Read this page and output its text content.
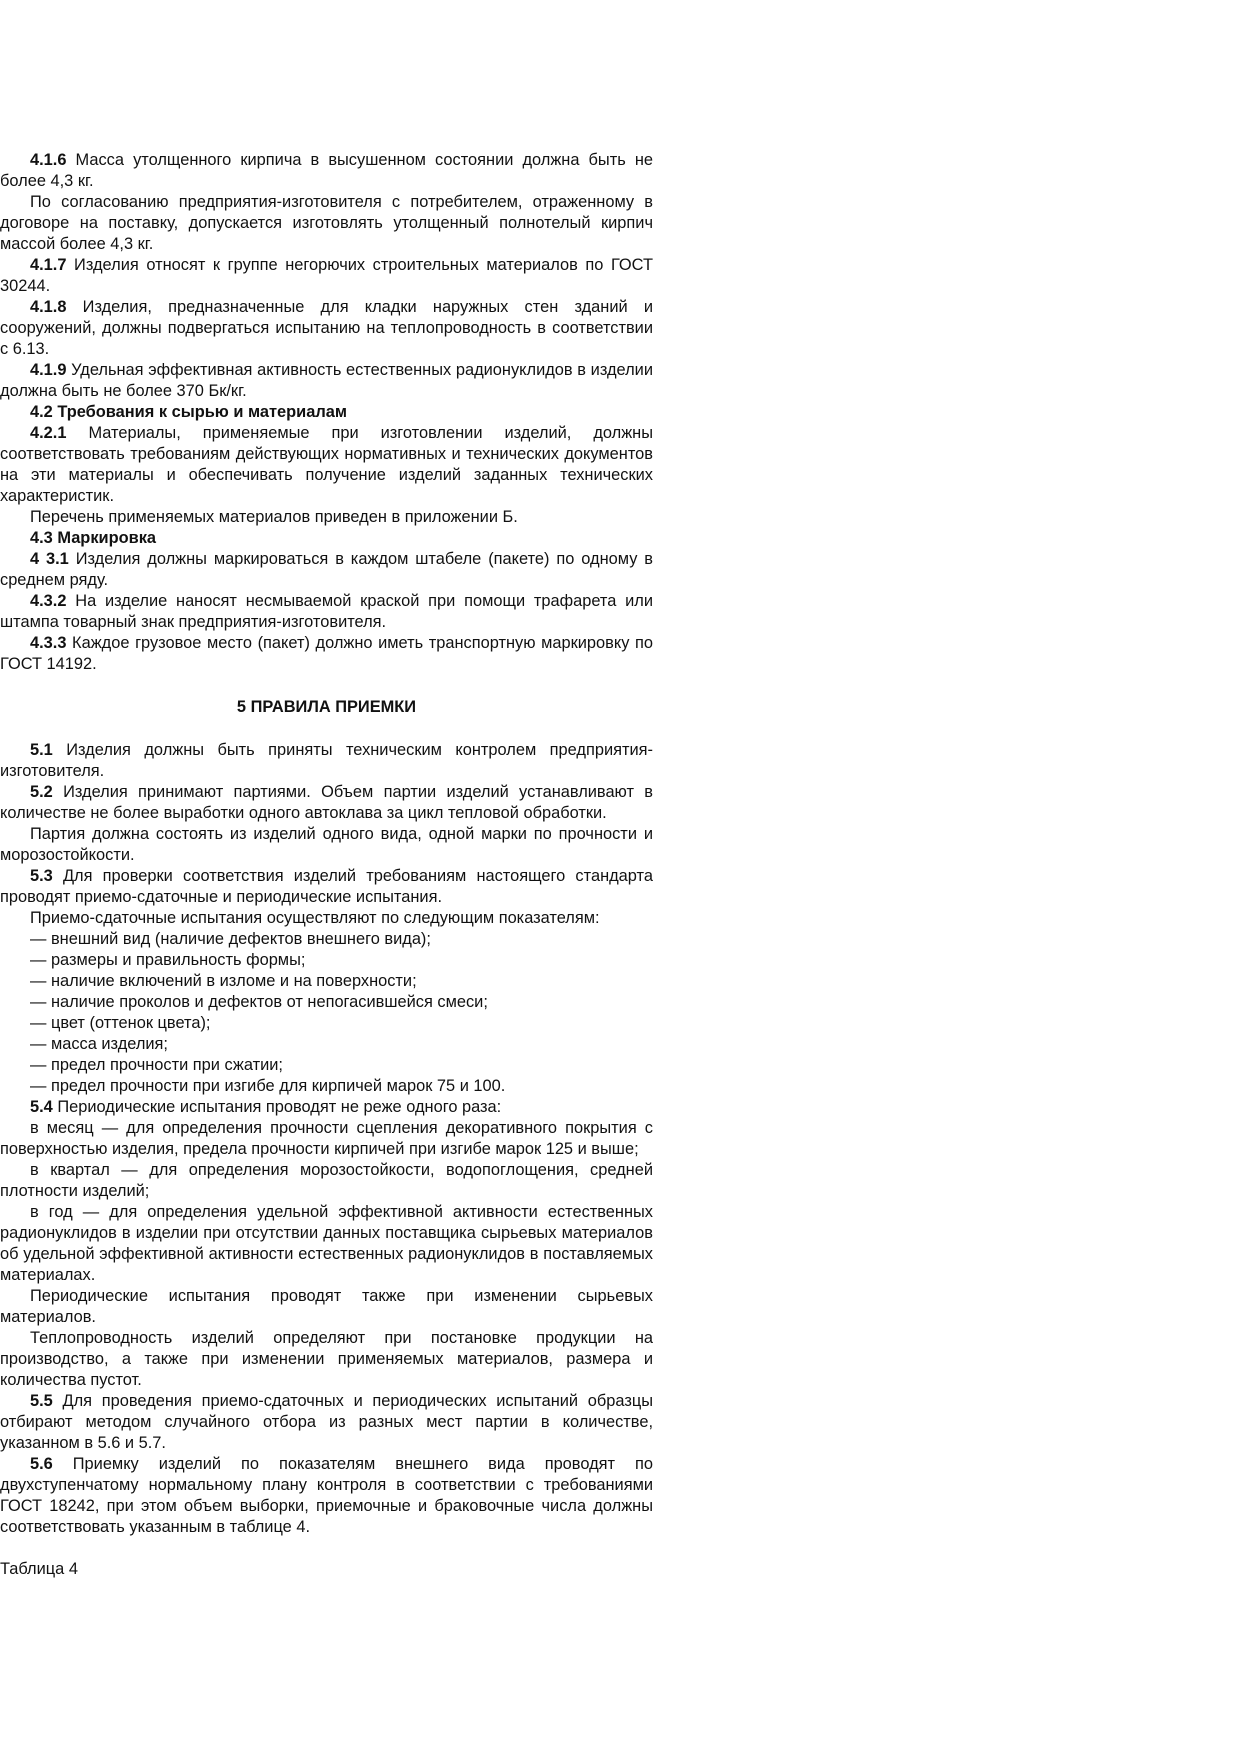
4.1.6 Масса утолщенного кирпича в высушенном состоянии должна быть не более 4,3 кг.

По согласованию предприятия-изготовителя с потребителем, отраженному в договоре на поставку, допускается изготовлять утолщенный полнотелый кирпич массой более 4,3 кг.

4.1.7 Изделия относят к группе негорючих строительных материалов по ГОСТ 30244.

4.1.8 Изделия, предназначенные для кладки наружных стен зданий и сооружений, должны подвергаться испытанию на теплопроводность в соответствии с 6.13.

4.1.9 Удельная эффективная активность естественных радионуклидов в изделии должна быть не более 370 Бк/кг.

4.2 Требования к сырью и материалам

4.2.1 Материалы, применяемые при изготовлении изделий, должны соответствовать требованиям действующих нормативных и технических документов на эти материалы и обеспечивать получение изделий заданных технических характеристик.

Перечень применяемых материалов приведен в приложении Б.

4.3 Маркировка

4 3.1 Изделия должны маркироваться в каждом штабеле (пакете) по одному в среднем ряду.

4.3.2 На изделие наносят несмываемой краской при помощи трафарета или штампа товарный знак предприятия-изготовителя.

4.3.3 Каждое грузовое место (пакет) должно иметь транспортную маркировку по ГОСТ 14192.

5 ПРАВИЛА ПРИЕМКИ

5.1 Изделия должны быть приняты техническим контролем предприятия-изготовителя.

5.2 Изделия принимают партиями. Объем партии изделий устанавливают в количестве не более выработки одного автоклава за цикл тепловой обработки.

Партия должна состоять из изделий одного вида, одной марки по прочности и морозостойкости.

5.3 Для проверки соответствия изделий требованиям настоящего стандарта проводят приемо-сдаточные и периодические испытания.

Приемо-сдаточные испытания осуществляют по следующим показателям:

— внешний вид (наличие дефектов внешнего вида);

— размеры и правильность формы;

— наличие включений в изломе и на поверхности;

— наличие проколов и дефектов от непогасившейся смеси;

— цвет (оттенок цвета);

— масса изделия;

— предел прочности при сжатии;

— предел прочности при изгибе для кирпичей марок 75 и 100.

5.4 Периодические испытания проводят не реже одного раза:

в месяц — для определения прочности сцепления декоративного покрытия с поверхностью изделия, предела прочности кирпичей при изгибе марок 125 и выше;

в квартал — для определения морозостойкости, водопоглощения, средней плотности изделий;

в год — для определения удельной эффективной активности естественных радионуклидов в изделии при отсутствии данных поставщика сырьевых материалов об удельной эффективной активности естественных радионуклидов в поставляемых материалах.

Периодические испытания проводят также при изменении сырьевых материалов.

Теплопроводность изделий определяют при постановке продукции на производство, а также при изменении применяемых материалов, размера и количества пустот.

5.5 Для проведения приемо-сдаточных и периодических испытаний образцы отбирают методом случайного отбора из разных мест партии в количестве, указанном в 5.6 и 5.7.

5.6 Приемку изделий по показателям внешнего вида проводят по двухступенчатому нормальному плану контроля в соответствии с требованиями ГОСТ 18242, при этом объем выборки, приемочные и браковочные числа должны соответствовать указанным в таблице 4.

Таблица 4
